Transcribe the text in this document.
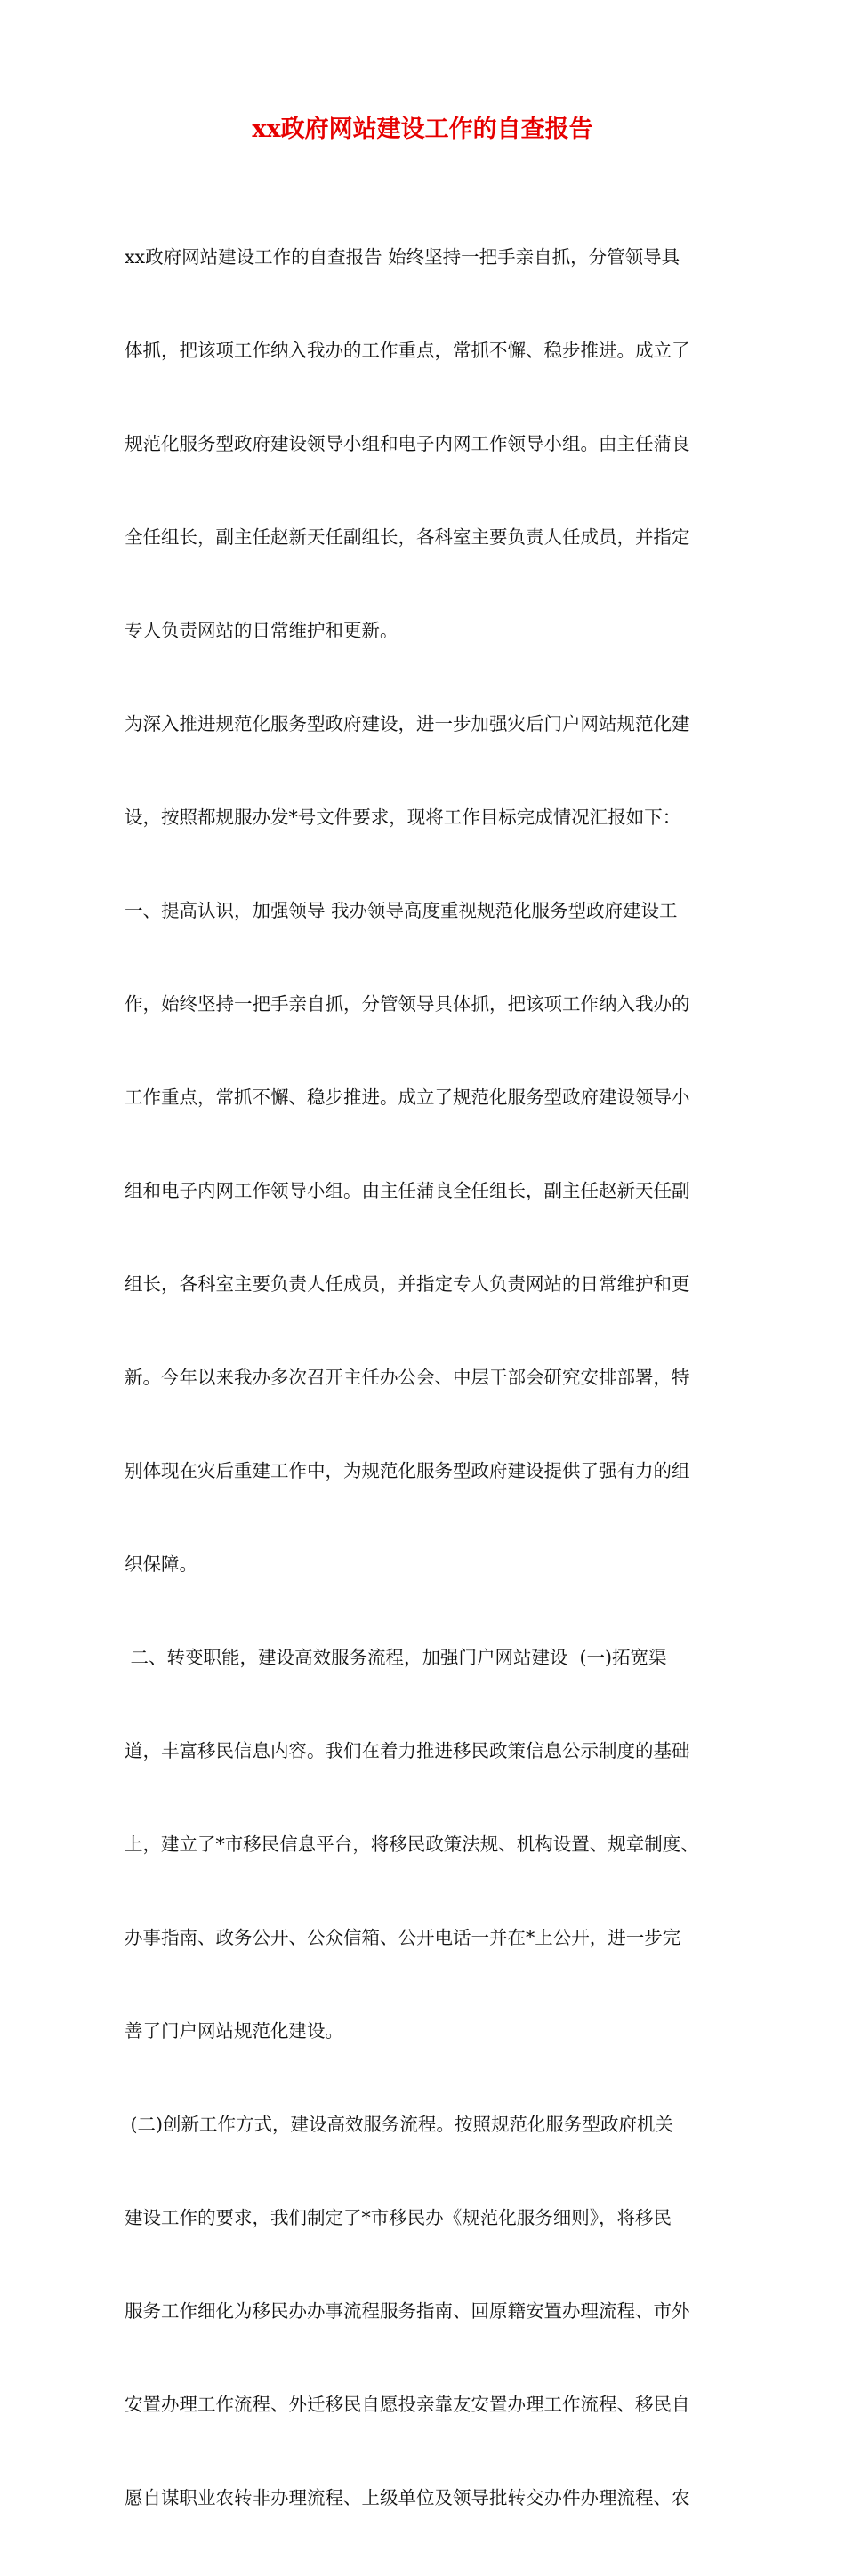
xx政府网站建设工作的自查报告

xx政府网站建设工作的自查报告 始终坚持一把手亲自抓，分管领导具

体抓，把该项工作纳入我办的工作重点，常抓不懈、稳步推进。成立了

规范化服务型政府建设领导小组和电子内网工作领导小组。由主任蒲良

全任组长，副主任赵新天任副组长，各科室主要负责人任成员，并指定

专人负责网站的日常维护和更新。

为深入推进规范化服务型政府建设，进一步加强灾后门户网站规范化建

设，按照都规服办发*号文件要求，现将工作目标完成情况汇报如下：

一、提高认识，加强领导 我办领导高度重视规范化服务型政府建设工

作，始终坚持一把手亲自抓，分管领导具体抓，把该项工作纳入我办的

工作重点，常抓不懈、稳步推进。成立了规范化服务型政府建设领导小

组和电子内网工作领导小组。由主任蒲良全任组长，副主任赵新天任副

组长，各科室主要负责人任成员，并指定专人负责网站的日常维护和更

新。今年以来我办多次召开主任办公会、中层干部会研究安排部署，特

别体现在灾后重建工作中，为规范化服务型政府建设提供了强有力的组

织保障。

二、转变职能，建设高效服务流程，加强门户网站建设  (一)拓宽渠

道，丰富移民信息内容。我们在着力推进移民政策信息公示制度的基础

上，建立了*市移民信息平台，将移民政策法规、机构设置、规章制度、

办事指南、政务公开、公众信箱、公开电话一并在*上公开，进一步完

善了门户网站规范化建设。

(二)创新工作方式，建设高效服务流程。按照规范化服务型政府机关

建设工作的要求，我们制定了*市移民办《规范化服务细则》，将移民

服务工作细化为移民办办事流程服务指南、回原籍安置办理流程、市外

安置办理工作流程、外迁移民自愿投亲靠友安置办理工作流程、移民自

愿自谋职业农转非办理流程、上级单位及领导批转交办件办理流程、农
